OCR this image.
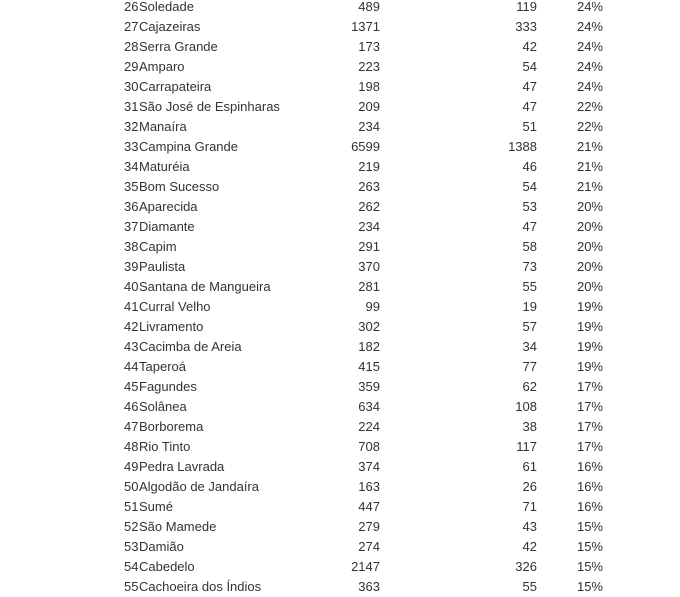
26	Soledade	489	119	24%
27	Cajazeiras	1371	333	24%
28	Serra Grande	173	42	24%
29	Amparo	223	54	24%
30	Carrapateira	198	47	24%
31	São José de Espinharas	209	47	22%
32	Manaíra	234	51	22%
33	Campina Grande	6599	1388	21%
34	Maturéia	219	46	21%
35	Bom Sucesso	263	54	21%
36	Aparecida	262	53	20%
37	Diamante	234	47	20%
38	Capim	291	58	20%
39	Paulista	370	73	20%
40	Santana de Mangueira	281	55	20%
41	Curral Velho	99	19	19%
42	Livramento	302	57	19%
43	Cacimba de Areia	182	34	19%
44	Taperoá	415	77	19%
45	Fagundes	359	62	17%
46	Solânea	634	108	17%
47	Borborema	224	38	17%
48	Rio Tinto	708	117	17%
49	Pedra Lavrada	374	61	16%
50	Algodão de Jandaíra	163	26	16%
51	Sumé	447	71	16%
52	São Mamede	279	43	15%
53	Damião	274	42	15%
54	Cabedelo	2147	326	15%
55	Cachoeira dos Índios	363	55	15%
